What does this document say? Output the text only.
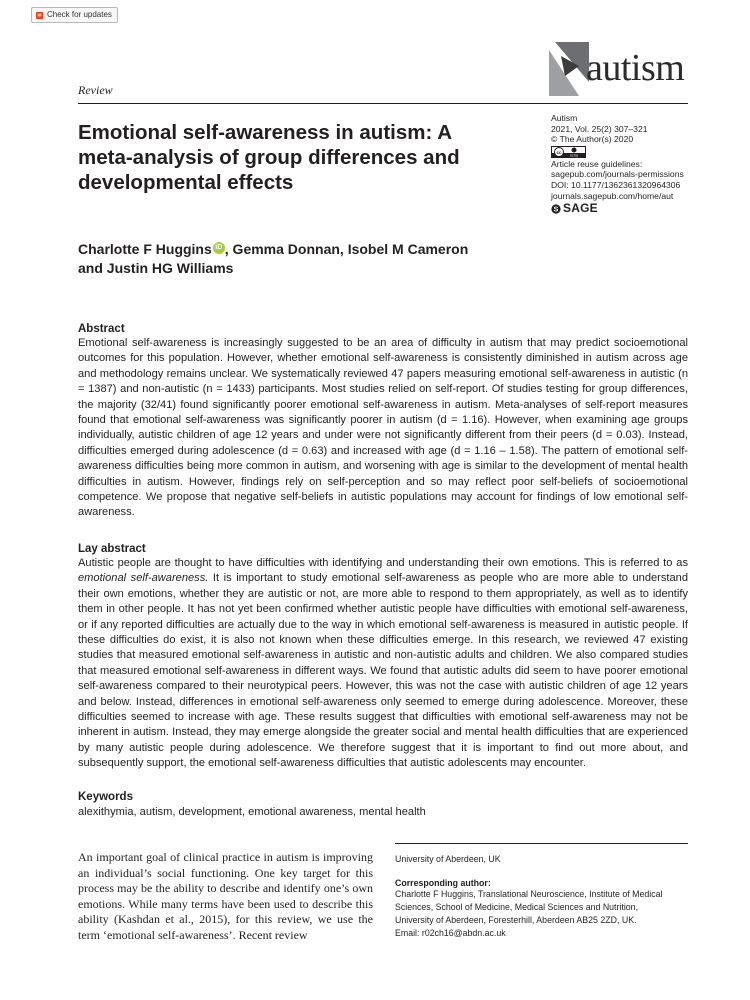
Check for updates
autism
Review
Emotional self-awareness in autism: A meta-analysis of group differences and developmental effects
Autism
2021, Vol. 25(2) 307–321
© The Author(s) 2020
cc
cc by
Article reuse guidelines:
sagepub.com/journals-permissions
DOI: 10.1177/1362361320964306
journals.sagepub.com/home/aut
S SAGE

Charlotte F Huggins iD , Gemma Donnan, Isobel M Cameron
and Justin HG Williams

Abstract

Emotional self-awareness is increasingly suggested to be an area of difficulty in autism that may predict socioemotional outcomes for this population. However, whether emotional self-awareness is consistently diminished in autism across age and methodology remains unclear. We systematically reviewed 47 papers measuring emotional self-awareness in autistic (n = 1387) and non-autistic (n = 1433) participants. Most studies relied on self-report. Of studies testing for group differences, the majority (32/41) found significantly poorer emotional self-awareness in autism. Meta-analyses of self-report measures found that emotional self-awareness was significantly poorer in autism (d = 1.16). However, when examining age groups individually, autistic children of age 12 years and under were not significantly different from their peers (d = 0.03). Instead, difficulties emerged during adolescence (d = 0.63) and increased with age (d = 1.16 – 1.58). The pattern of emotional self-awareness difficulties being more common in autism, and worsening with age is similar to the development of mental health difficulties in autism. However, findings rely on self-perception and so may reflect poor self-beliefs of socioemotional competence. We propose that negative self-beliefs in autistic populations may account for findings of low emotional self-awareness.

Lay abstract

Autistic people are thought to have difficulties with identifying and understanding their own emotions. This is referred to as emotional self-awareness. It is important to study emotional self-awareness as people who are more able to understand their own emotions, whether they are autistic or not, are more able to respond to them appropriately, as well as to identify them in other people. It has not yet been confirmed whether autistic people have difficulties with emotional self-awareness, or if any reported difficulties are actually due to the way in which emotional self-awareness is measured in autistic people. If these difficulties do exist, it is also not known when these difficulties emerge. In this research, we reviewed 47 existing studies that measured emotional self-awareness in autistic and non-autistic adults and children. We also compared studies that measured emotional self-awareness in different ways. We found that autistic adults did seem to have poorer emotional self-awareness compared to their neurotypical peers. However, this was not the case with autistic children of age 12 years and below. Instead, differences in emotional self-awareness only seemed to emerge during adolescence. Moreover, these difficulties seemed to increase with age. These results suggest that difficulties with emotional self-awareness may not be inherent in autism. Instead, they may emerge alongside the greater social and mental health difficulties that are experienced by many autistic people during adolescence. We therefore suggest that it is important to find out more about, and subsequently support, the emotional self-awareness difficulties that autistic adolescents may encounter.

Keywords

alexithymia, autism, development, emotional awareness, mental health

An important goal of clinical practice in autism is improving an individual’s social functioning. One key target for this process may be the ability to describe and identify one’s own emotions. While many terms have been used to describe this ability (Kashdan et al., 2015), for this review, we use the term ‘emotional self-awareness’. Recent review

University of Aberdeen, UK
Corresponding author:
Charlotte F Huggins, Translational Neuroscience, Institute of Medical
Sciences, School of Medicine, Medical Sciences and Nutrition,
University of Aberdeen, Foresterhill, Aberdeen AB25 2ZD, UK.
Email: r02ch16@abdn.ac.uk
